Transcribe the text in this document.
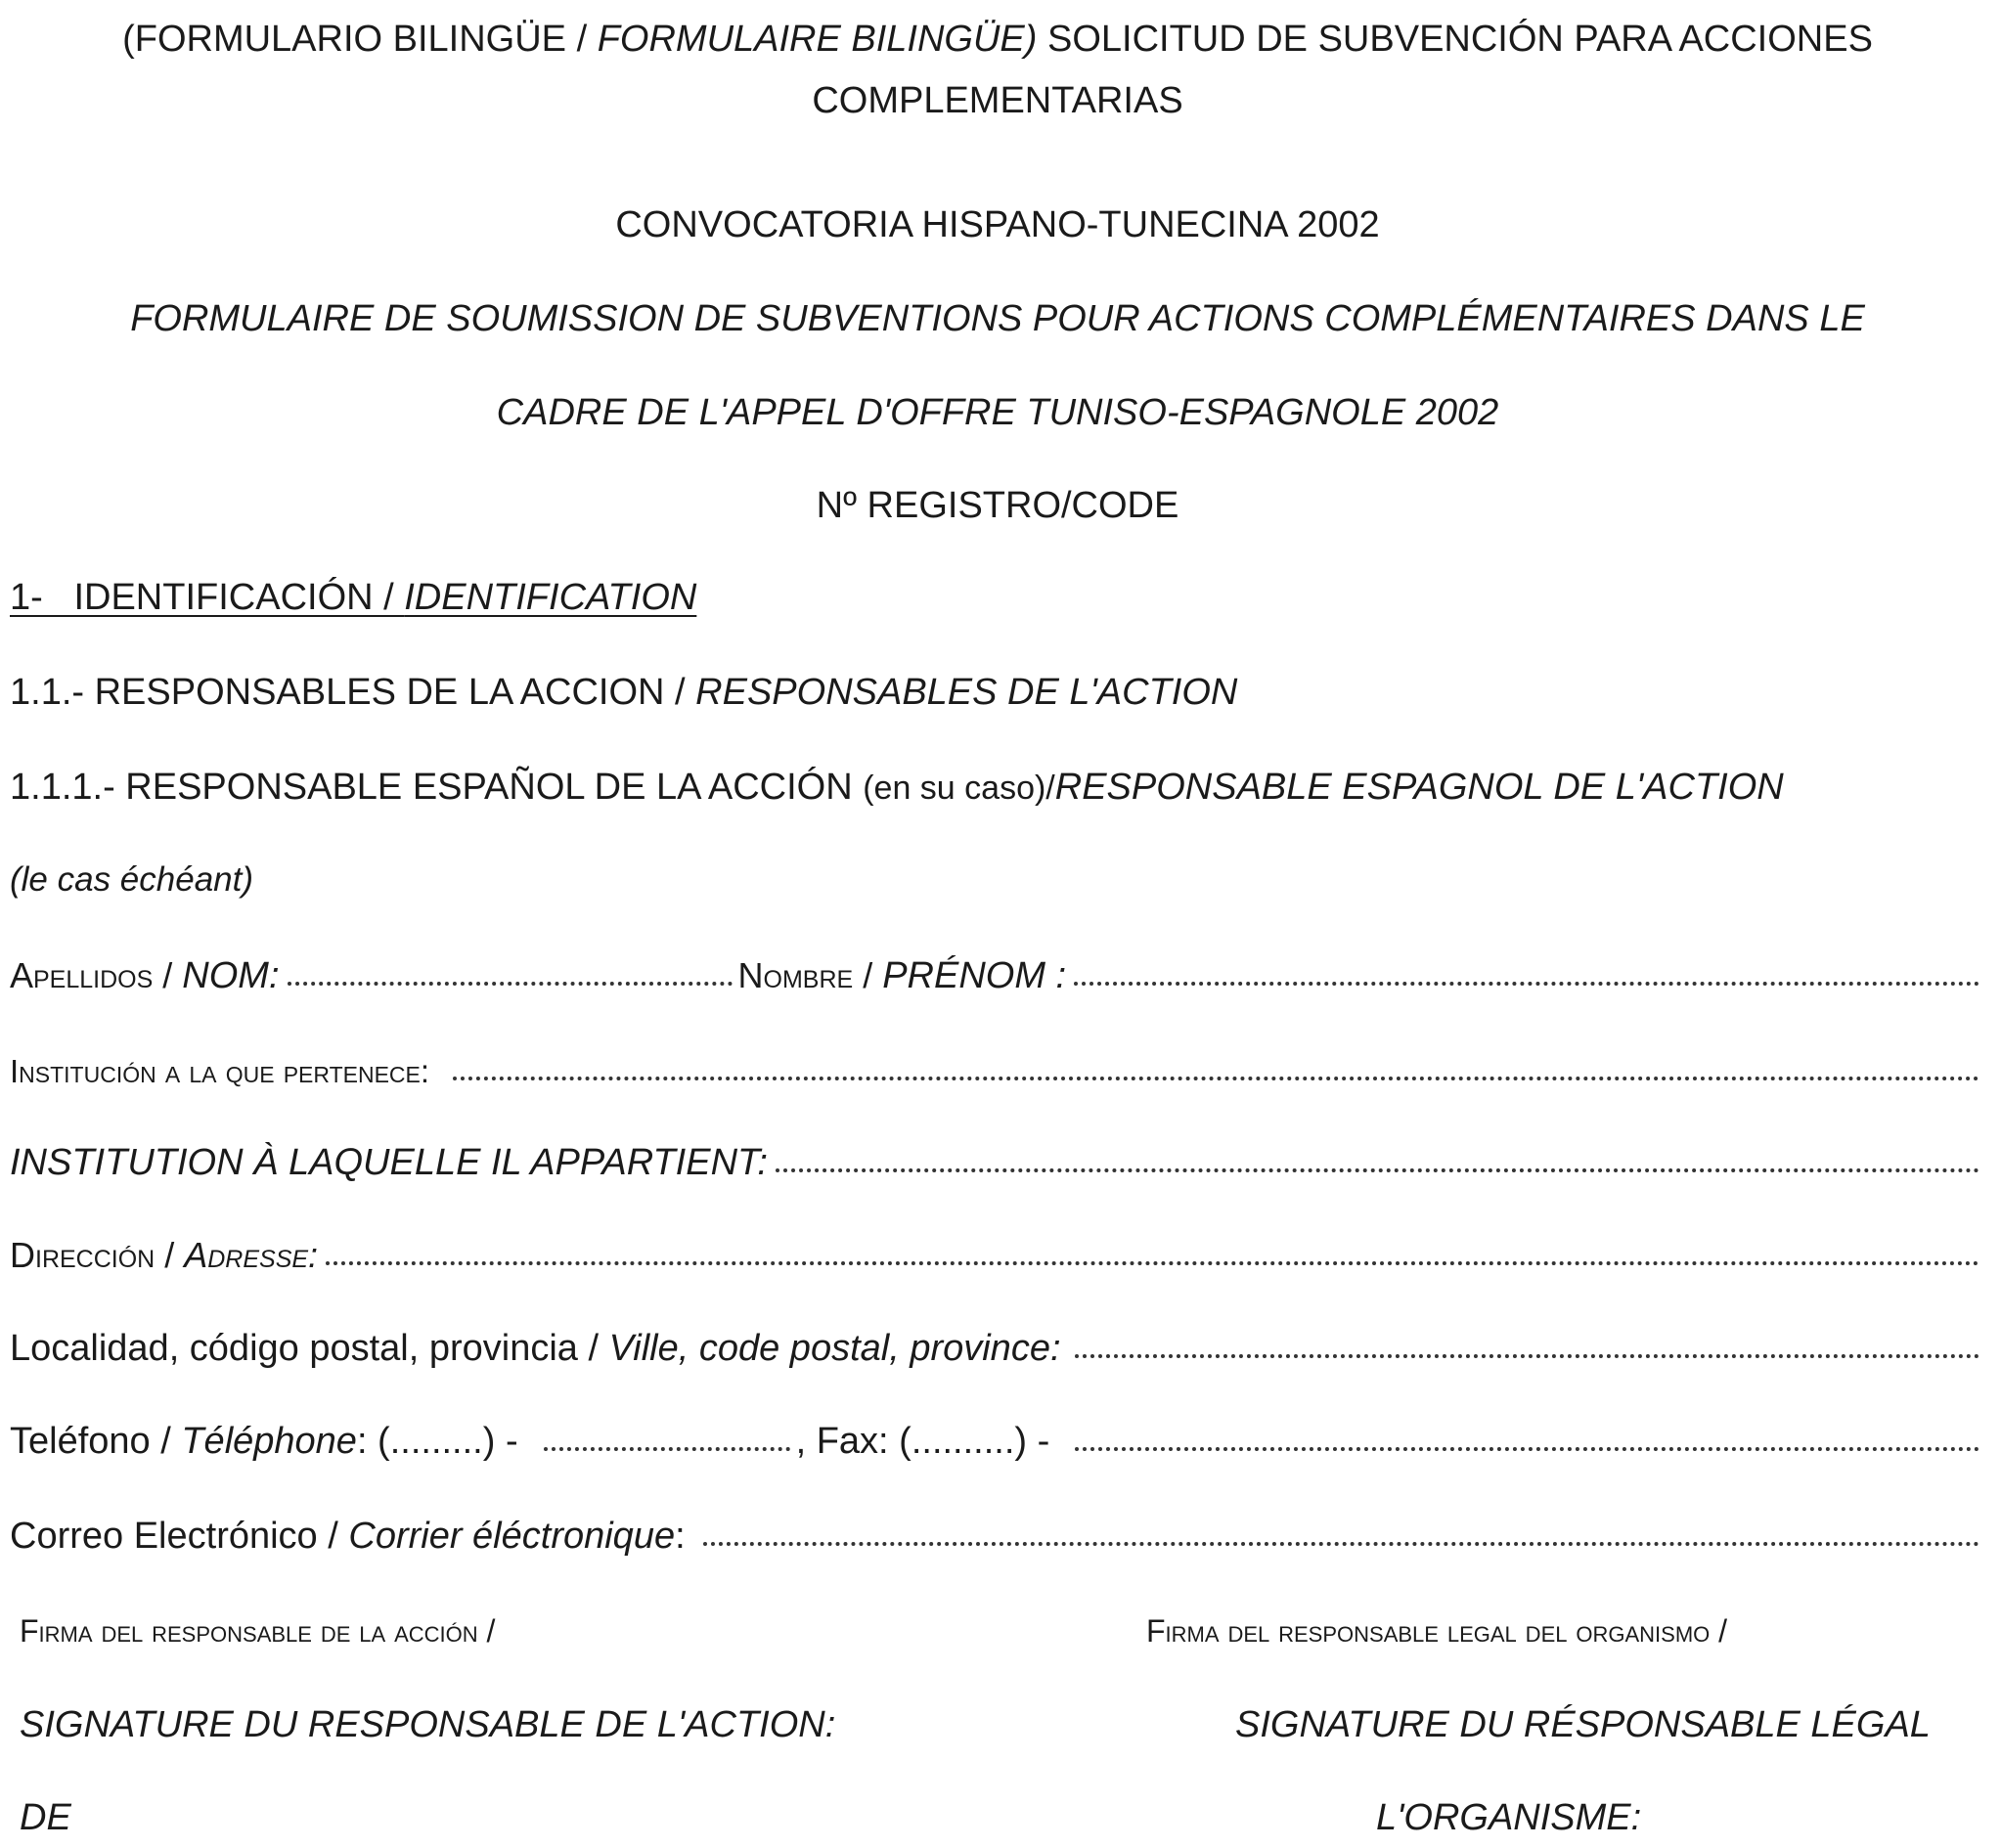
(FORMULARIO BILINGÜE / FORMULAIRE BILINGÜE) SOLICITUD DE SUBVENCIÓN PARA ACCIONES
COMPLEMENTARIAS
CONVOCATORIA HISPANO-TUNECINA 2002
FORMULAIRE DE SOUMISSION DE SUBVENTIONS POUR ACTIONS COMPLÉMENTAIRES DANS LE
CADRE DE L'APPEL D'OFFRE TUNISO-ESPAGNOLE 2002
Nº REGISTRO/CODE
1-   IDENTIFICACIÓN / IDENTIFICATION
1.1.- RESPONSABLES DE LA ACCION / RESPONSABLES DE L'ACTION
1.1.1.- RESPONSABLE ESPAÑOL DE LA ACCIÓN (en su caso)/RESPONSABLE ESPAGNOL DE L'ACTION
(le cas échéant)
Apellidos / NOM:	Nombre / PRÉNOM :
Institución a la que pertenece:
INSTITUTION À LAQUELLE IL APPARTIENT:
Dirección / Adresse:
Localidad, código postal, provincia / Ville, code postal, province:
Teléfono / Téléphone : (.........) -	, Fax: (..........) -
Correo Electrónico / Corrier éléctronique :
Firma del responsable de la acción /	Firma del responsable legal del organismo /
SIGNATURE DU RESPONSABLE DE L'ACTION:	SIGNATURE DU RÉSPONSABLE LÉGAL
DE	L'ORGANISME:
